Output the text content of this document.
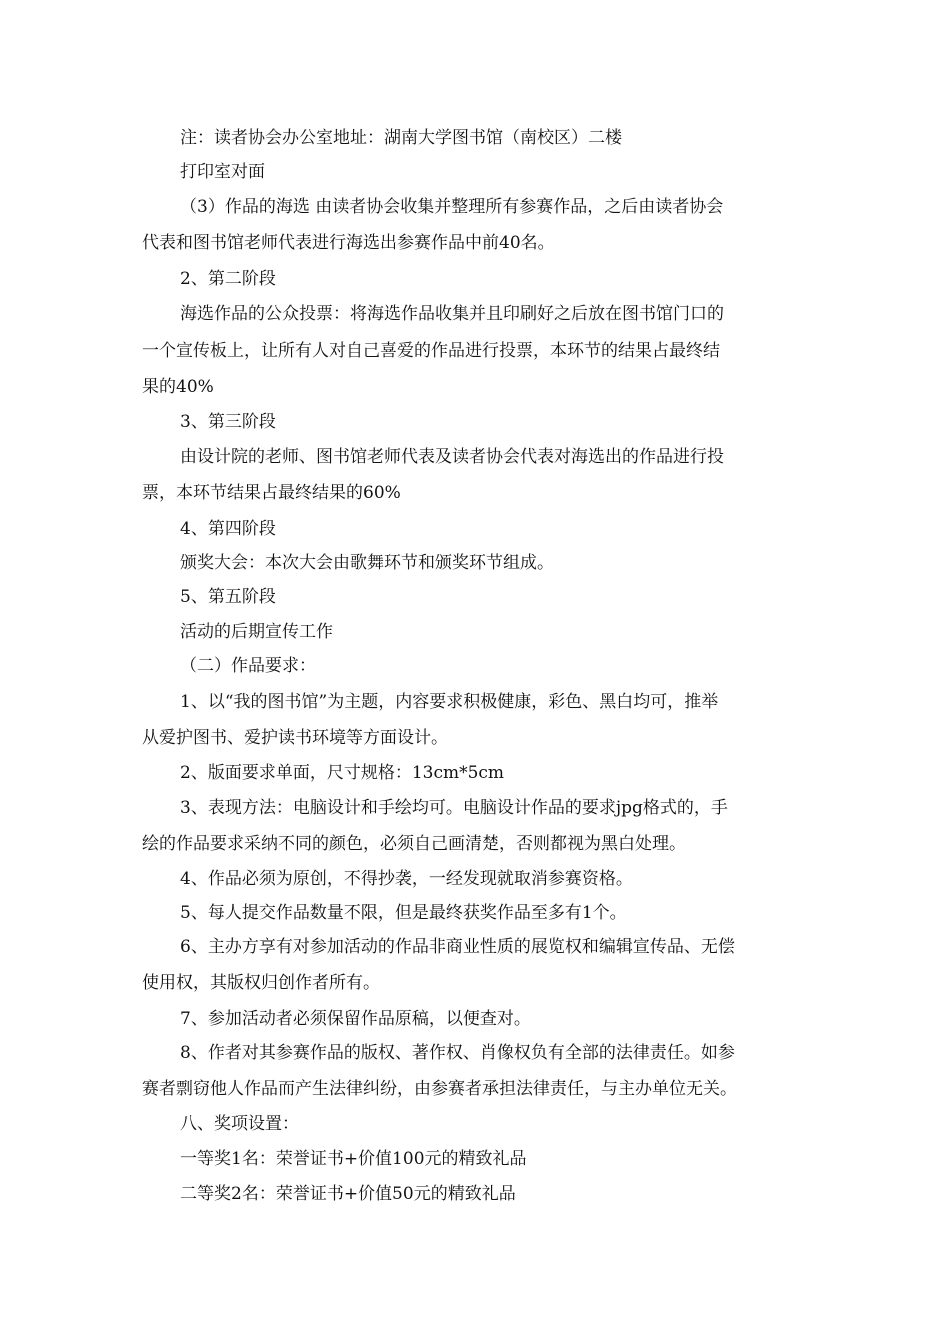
注：读者协会办公室地址：湖南大学图书馆（南校区）二楼

打印室对面

（3）作品的海选 由读者协会收集并整理所有参赛作品，之后由读者协会

代表和图书馆老师代表进行海选出参赛作品中前40名。

2、第二阶段

海选作品的公众投票：将海选作品收集并且印刷好之后放在图书馆门口的

一个宣传板上，让所有人对自己喜爱的作品进行投票，本环节的结果占最终结

果的40%

3、第三阶段

由设计院的老师、图书馆老师代表及读者协会代表对海选出的作品进行投

票，本环节结果占最终结果的60%

4、第四阶段

颁奖大会：本次大会由歌舞环节和颁奖环节组成。

5、第五阶段

活动的后期宣传工作

（二）作品要求：

1、以“我的图书馆”为主题，内容要求积极健康，彩色、黑白均可，推举

从爱护图书、爱护读书环境等方面设计。

2、版面要求单面，尺寸规格：13cm*5cm

3、表现方法：电脑设计和手绘均可。电脑设计作品的要求jpg格式的，手

绘的作品要求采纳不同的颜色，必须自己画清楚，否则都视为黑白处理。

4、作品必须为原创，不得抄袭，一经发现就取消参赛资格。

5、每人提交作品数量不限，但是最终获奖作品至多有1个。

6、主办方享有对参加活动的作品非商业性质的展览权和编辑宣传品、无偿

使用权，其版权归创作者所有。

7、参加活动者必须保留作品原稿，以便查对。

8、作者对其参赛作品的版权、著作权、肖像权负有全部的法律责任。如参

赛者剽窃他人作品而产生法律纠纷，由参赛者承担法律责任，与主办单位无关。

八、奖项设置：

一等奖1名：荣誉证书+价值100元的精致礼品

二等奖2名：荣誉证书+价值50元的精致礼品
